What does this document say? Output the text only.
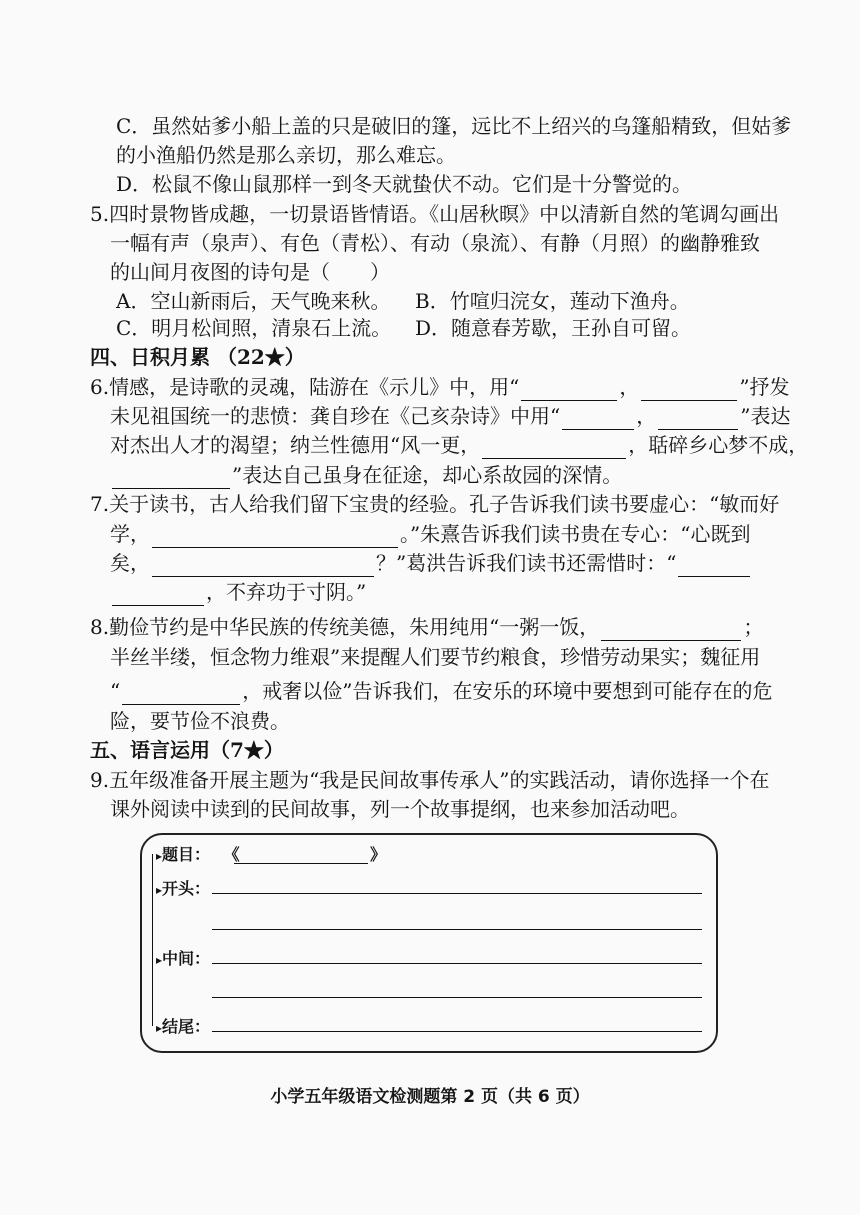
C．虽然姑爹小船上盖的只是破旧的篷，远比不上绍兴的乌篷船精致，但姑爹
的小渔船仍然是那么亲切，那么难忘。
D．松鼠不像山鼠那样一到冬天就蛰伏不动。它们是十分警觉的。
5.四时景物皆成趣，一切景语皆情语。《山居秋暝》中以清新自然的笔调勾画出
一幅有声（泉声）、有色（青松）、有动（泉流）、有静（月照）的幽静雅致
的山间月夜图的诗句是（　　）
A．空山新雨后，天气晚来秋。 B．竹喧归浣女，莲动下渔舟。
C．明月松间照，清泉石上流。 D．随意春芳歇，王孙自可留。
四、日积月累 （22★）
6.情感，是诗歌的灵魂，陆游在《示儿》中，用“	，	”抒发
未见祖国统一的悲愤：龚自珍在《己亥杂诗》中用“	，	”表达
对杰出人才的渴望；纳兰性德用“风一更，	，聒碎乡心梦不成，
”表达自己虽身在征途，却心系故园的深情。
7.关于读书，古人给我们留下宝贵的经验。孔子告诉我们读书要虚心：“敏而好
学，	。”朱熹告诉我们读书贵在专心：“心既到
矣，	？”葛洪告诉我们读书还需惜时：“
，不弃功于寸阴。”
8.勤俭节约是中华民族的传统美德，朱用纯用“一粥一饭，	；
半丝半缕，恒念物力维艰”来提醒人们要节约粮食，珍惜劳动果实；魏征用
“	，戒奢以俭”告诉我们，在安乐的环境中要想到可能存在的危
险，要节俭不浪费。
五、语言运用（7★）
9.五年级准备开展主题为“我是民间故事传承人”的实践活动，请你选择一个在
课外阅读中读到的民间故事，列一个故事提纲，也来参加活动吧。
▸题目： 《	》
▸开头：
▸中间：
▸结尾：
小学五年级语文检测题第 2 页（共 6 页）
